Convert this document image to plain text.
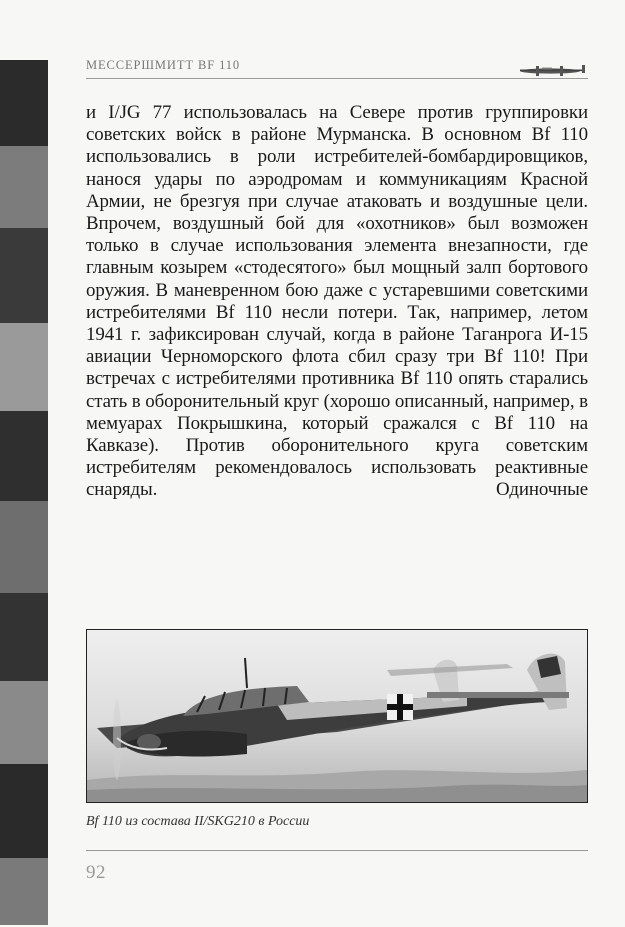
МЕССЕРШМИТТ BF 110

и I/JG 77 использовалась на Севере против группировки советских войск в районе Мурманска. В основном Bf 110 использовались в роли истребителей-бомбардировщиков, нанося удары по аэродромам и коммуникациям Красной Армии, не брезгуя при случае атаковать и воздушные цели. Впрочем, воздушный бой для «охотников» был возможен только в случае использования элемента внезапности, где главным козырем «стодесятого» был мощный залп бортового оружия. В маневренном бою даже с устаревшими советскими истребителями Bf 110 несли потери. Так, например, летом 1941 г. зафиксирован случай, когда в районе Таганрога И-15 авиации Черноморского флота сбил сразу три Bf 110! При встречах с истребителями противника Bf 110 опять старались стать в оборонительный круг (хорошо описанный, например, в мемуарах Покрышкина, который сражался с Bf 110 на Кавказе). Против оборонительного круга советским истребителям рекомендовалось использовать реактивные снаряды. Одиночные

Bf 110 из состава II/SKG210 в России

92
